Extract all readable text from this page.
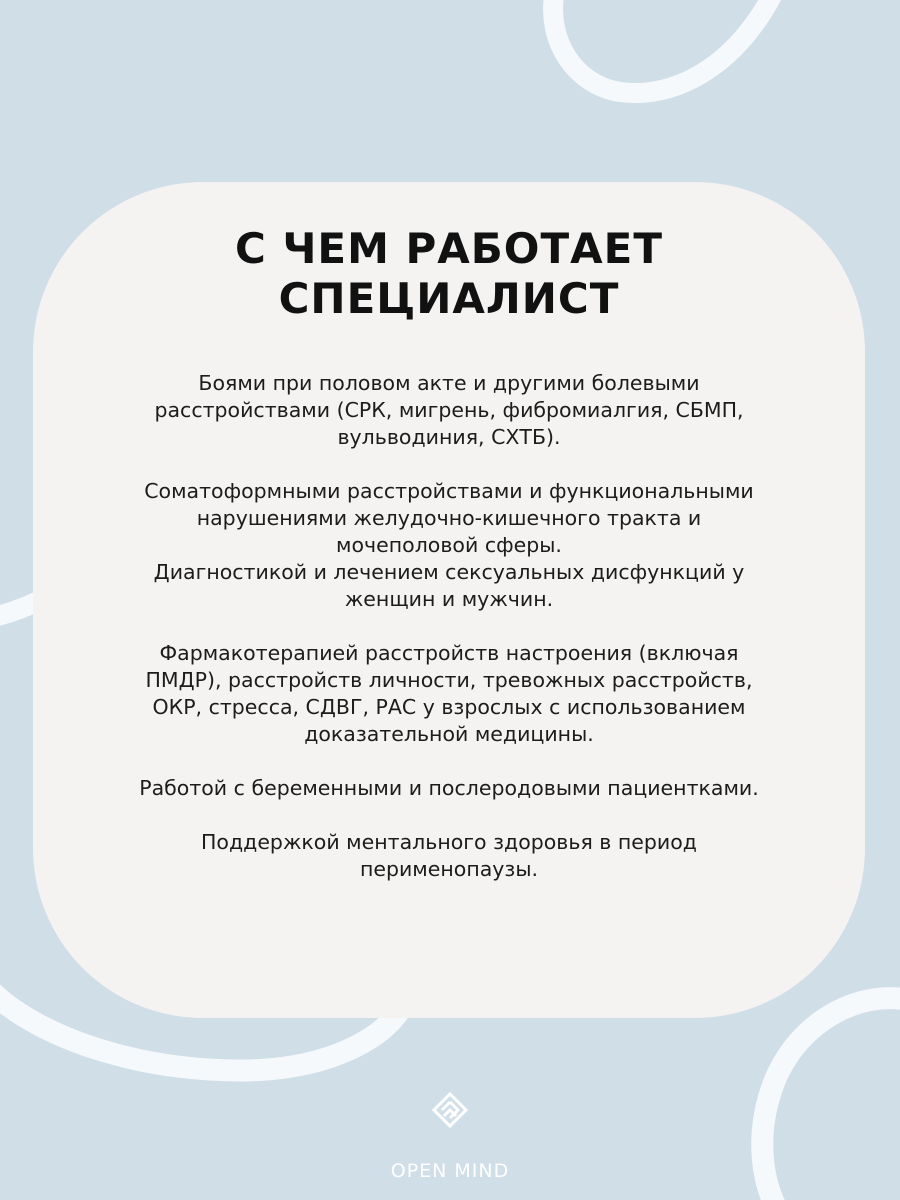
С ЧЕМ РАБОТАЕТ
СПЕЦИАЛИСТ

Боями при половом акте и другими болевыми
расстройствами (СРК, мигрень, фибромиалгия, СБМП,
вульводиния, СХТБ).

Соматоформными расстройствами и функциональными
нарушениями желудочно-кишечного тракта и
мочеполовой сферы.

Диагностикой и лечением сексуальных дисфункций у
женщин и мужчин.

Фармакотерапией расстройств настроения (включая
ПМДР), расстройств личности, тревожных расстройств,
ОКР, стресса, СДВГ, РАС у взрослых с использованием
доказательной медицины.

Работой с беременными и послеродовыми пациентками.

Поддержкой ментального здоровья в период
перименопаузы.

OPEN MIND
